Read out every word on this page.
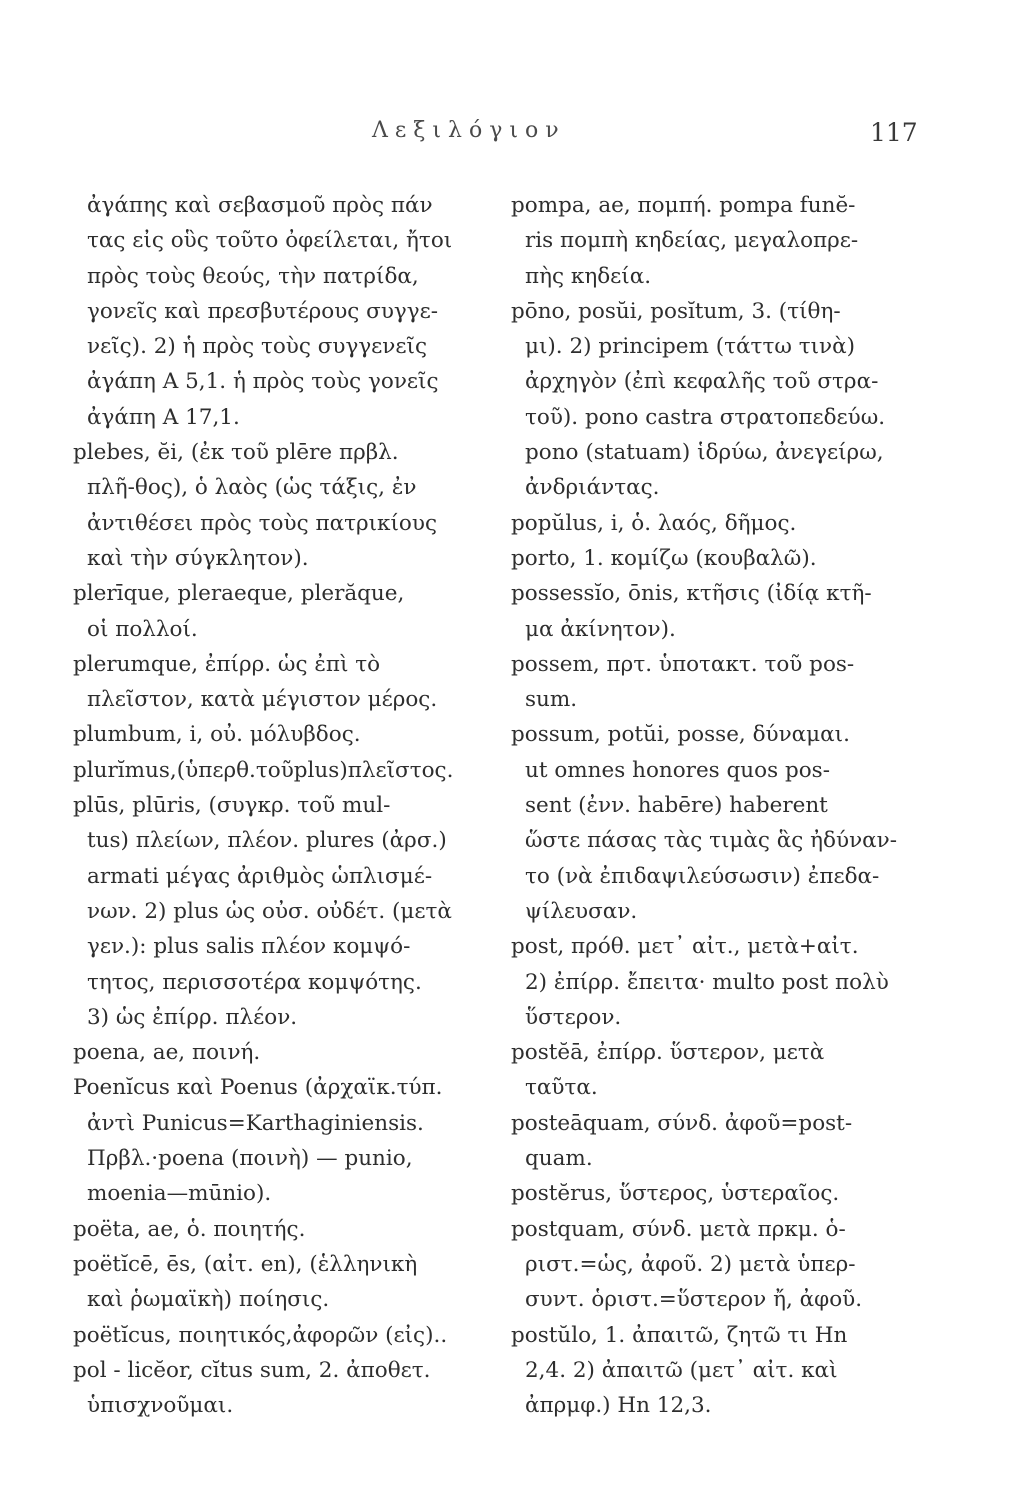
Λεξιλόγιον	117
ἀγάπης καὶ σεβασμοῦ πρὸς πάν
τας εἰς οὓς τοῦτο ὀφείλεται, ἤτοι
πρὸς τοὺς θεούς, τὴν πατρίδα,
γονεῖς καὶ πρεσβυτέρους συγγε-
νεῖς). 2) ἡ πρὸς τοὺς συγγενεῖς
ἀγάπη Α 5,1. ἡ πρὸς τοὺς γονεῖς
ἀγάπη Α 17,1.
plebes, ĕi, (ἐκ τοῦ plēre πρβλ.
πλῆ-θος), ὁ λαὸς (ὡς τάξις, ἐν
ἀντιθέσει πρὸς τοὺς πατρικίους
καὶ τὴν σύγκλητον).
plerīque, pleraeque, plerăque,
οἱ πολλοί.
plerumque, ἐπίρρ. ὡς ἐπὶ τὸ
πλεῖστον, κατὰ μέγιστον μέρος.
plumbum, i, οὐ. μόλυβδος.
plurĭmus,(ὑπερθ.τοῦplus)πλεῖστος.
plūs, plūris, (συγκρ. τοῦ mul-
tus) πλείων, πλέον. plures (ἀρσ.)
armati μέγας ἀριθμὸς ὡπλισμέ-
νων. 2) plus ὡς οὐσ. οὐδέτ. (μετὰ
γεν.): plus salis πλέον κομψό-
τητος, περισσοτέρα κομψότης.
3) ὡς ἐπίρρ. πλέον.
poena, ae, ποινή.
Poenĭcus καὶ Poenus (ἀρχαϊκ.τύπ.
ἀντὶ Punicus=Karthaginiensis.
Πρβλ.·poena (ποινὴ) — punio,
moenia—mūnio).
poëta, ae, ὁ. ποιητής.
poëtĭcē, ēs, (αἰτ. en), (ἑλληνικὴ
καὶ ῥωμαϊκὴ) ποίησις.
poëtĭcus, ποιητικός,ἀφορῶν (εἰς)..
pol - licĕor, cĭtus sum, 2. ἀποθετ.
ὑπισχνοῦμαι.
pompa, ae, πομπή. pompa funĕ-
ris πομπὴ κηδείας, μεγαλοπρε-
πὴς κηδεία.
pōno, posŭi, posĭtum, 3. (τίθη-
μι). 2) principem (τάττω τινὰ)
ἀρχηγὸν (ἐπὶ κεφαλῆς τοῦ στρα-
τοῦ). pono castra στρατοπεδεύω.
pono (statuam) ἱδρύω, ἀνεγείρω,
ἀνδριάντας.
popŭlus, i, ὁ. λαός, δῆμος.
porto, 1. κομίζω (κουβαλῶ).
possessĭo, ōnis, κτῆσις (ἰδίᾳ κτῆ-
μα ἀκίνητον).
possem, πρτ. ὑποτακτ. τοῦ pos-
sum.
possum, potŭi, posse, δύναμαι.
ut omnes honores quos pos-
sent (ἐνν. habēre) haberent
ὥστε πάσας τὰς τιμὰς ἃς ἠδύναν-
το (νὰ ἐπιδαψιλεύσωσιν) ἐπεδα-
ψίλευσαν.
post, πρόθ. μετ᾽ αἰτ., μετὰ+αἰτ.
2) ἐπίρρ. ἔπειτα· multo post πολὺ
ὕστερον.
postĕā, ἐπίρρ. ὕστερον, μετὰ
ταῦτα.
posteāquam, σύνδ. ἀφοῦ=post-
quam.
postĕrus, ὕστερος, ὑστεραῖος.
postquam, σύνδ. μετὰ πρκμ. ὁ-
ριστ.=ὡς, ἀφοῦ. 2) μετὰ ὑπερ-
συντ. ὁριστ.=ὕστερον ἤ, ἀφοῦ.
postŭlo, 1. ἀπαιτῶ, ζητῶ τι Ηn
2,4. 2) ἀπαιτῶ (μετ᾽ αἰτ. καὶ
ἀπρμφ.) Ηn 12,3.
